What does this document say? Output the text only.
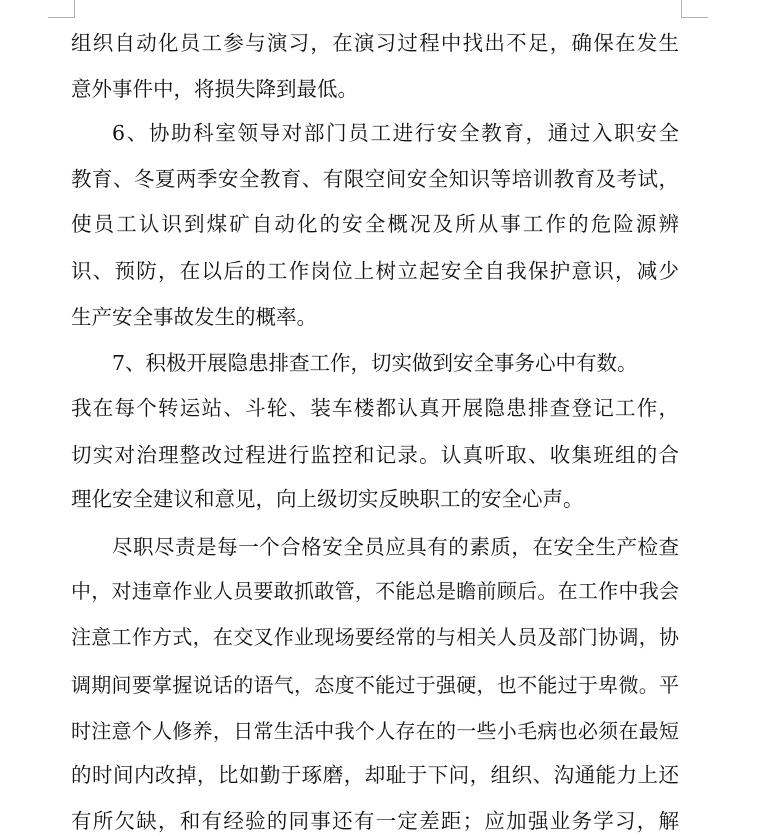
组织自动化员工参与演习，在演习过程中找出不足，确保在发生
意外事件中，将损失降到最低。
6、协助科室领导对部门员工进行安全教育，通过入职安全
教育、冬夏两季安全教育、有限空间安全知识等培训教育及考试，
使员工认识到煤矿自动化的安全概况及所从事工作的危险源辨
识、预防，在以后的工作岗位上树立起安全自我保护意识，减少
生产安全事故发生的概率。
7、积极开展隐患排查工作，切实做到安全事务心中有数。
我在每个转运站、斗轮、装车楼都认真开展隐患排查登记工作，
切实对治理整改过程进行监控和记录。认真听取、收集班组的合
理化安全建议和意见，向上级切实反映职工的安全心声。
尽职尽责是每一个合格安全员应具有的素质，在安全生产检查
中，对违章作业人员要敢抓敢管，不能总是瞻前顾后。在工作中我会
注意工作方式，在交叉作业现场要经常的与相关人员及部门协调，协
调期间要掌握说话的语气，态度不能过于强硬，也不能过于卑微。平
时注意个人修养，日常生活中我个人存在的一些小毛病也必须在最短
的时间内改掉，比如勤于琢磨，却耻于下问，组织、沟通能力上还
有所欠缺，和有经验的同事还有一定差距；应加强业务学习，解
